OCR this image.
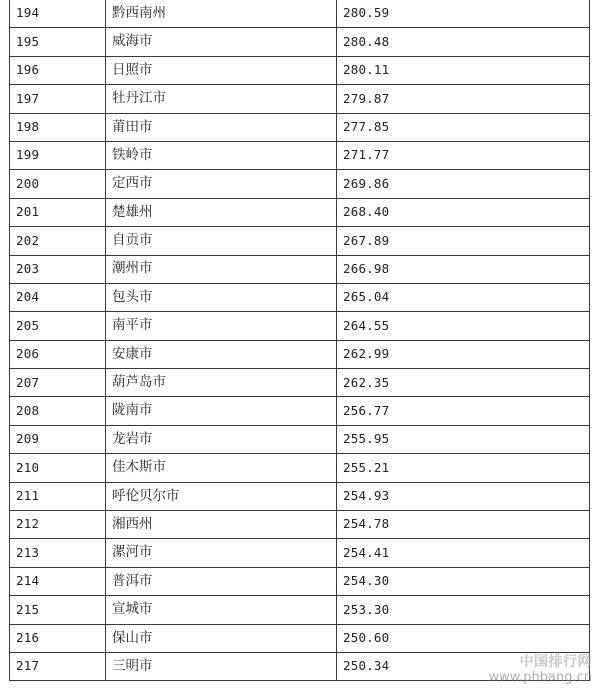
194	黔西南州	280.59
195	威海市	280.48
196	日照市	280.11
197	牡丹江市	279.87
198	莆田市	277.85
199	铁岭市	271.77
200	定西市	269.86
201	楚雄州	268.40
202	自贡市	267.89
203	潮州市	266.98
204	包头市	265.04
205	南平市	264.55
206	安康市	262.99
207	葫芦岛市	262.35
208	陇南市	256.77
209	龙岩市	255.95
210	佳木斯市	255.21
211	呼伦贝尔市	254.93
212	湘西州	254.78
213	漯河市	254.41
214	普洱市	254.30
215	宣城市	253.30
216	保山市	250.60
217	三明市	250.34	中国排行网
www.phbang.cn
